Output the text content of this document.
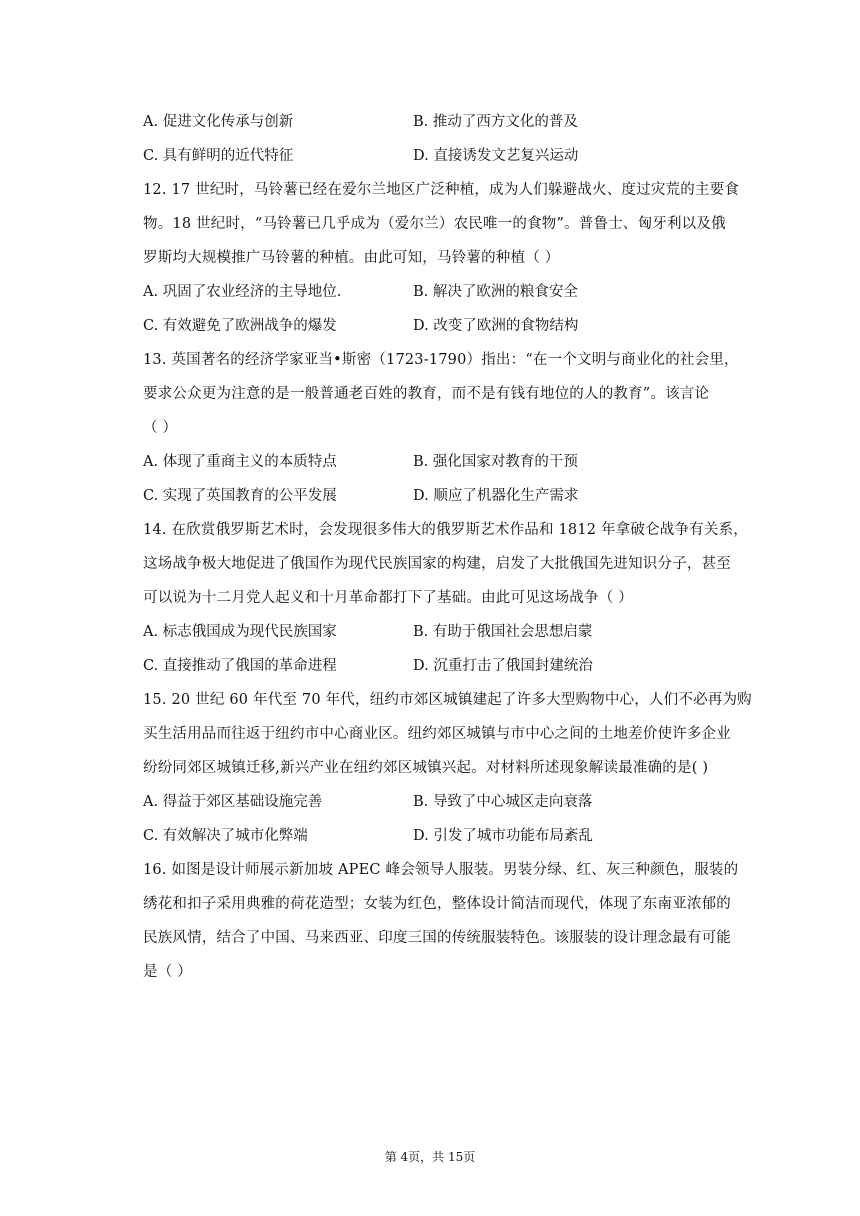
A. 促进文化传承与创新	B. 推动了西方文化的普及
C. 具有鲜明的近代特征	D. 直接诱发文艺复兴运动
12. 17 世纪时，马铃薯已经在爱尔兰地区广泛种植，成为人们躲避战火、度过灾荒的主要食
物。18 世纪时，“马铃薯已几乎成为（爱尔兰）农民唯一的食物”。普鲁士、匈牙利以及俄
罗斯均大规模推广马铃薯的种植。由此可知，马铃薯的种植（ ）
A. 巩固了农业经济的主导地位.	B. 解决了欧洲的粮食安全
C. 有效避免了欧洲战争的爆发	D. 改变了欧洲的食物结构
13. 英国著名的经济学家亚当•斯密（1723-1790）指出：“在一个文明与商业化的社会里，
要求公众更为注意的是一般普通老百姓的教育，而不是有钱有地位的人的教育”。该言论
（ ）
A. 体现了重商主义的本质特点	B. 强化国家对教育的干预
C. 实现了英国教育的公平发展	D. 顺应了机器化生产需求
14. 在欣赏俄罗斯艺术时，会发现很多伟大的俄罗斯艺术作品和 1812 年拿破仑战争有关系，
这场战争极大地促进了俄国作为现代民族国家的构建，启发了大批俄国先进知识分子，甚至
可以说为十二月党人起义和十月革命都打下了基础。由此可见这场战争（ ）
A. 标志俄国成为现代民族国家	B. 有助于俄国社会思想启蒙
C. 直接推动了俄国的革命进程	D. 沉重打击了俄国封建统治
15. 20 世纪 60 年代至 70 年代，纽约市郊区城镇建起了许多大型购物中心，人们不必再为购
买生活用品而往返于纽约市中心商业区。纽约郊区城镇与市中心之间的土地差价使许多企业
纷纷同郊区城镇迁移,新兴产业在纽约郊区城镇兴起。对材料所述现象解读最准确的是( )
A. 得益于郊区基础设施完善	B. 导致了中心城区走向衰落
C. 有效解决了城市化弊端	D. 引发了城市功能布局紊乱
16. 如图是设计师展示新加坡 APEC 峰会领导人服装。男装分绿、红、灰三种颜色，服装的
绣花和扣子采用典雅的荷花造型；女装为红色，整体设计简洁而现代，体现了东南亚浓郁的
民族风情，结合了中国、马来西亚、印度三国的传统服装特色。该服装的设计理念最有可能
是（ ）
第 4页，共 15页
